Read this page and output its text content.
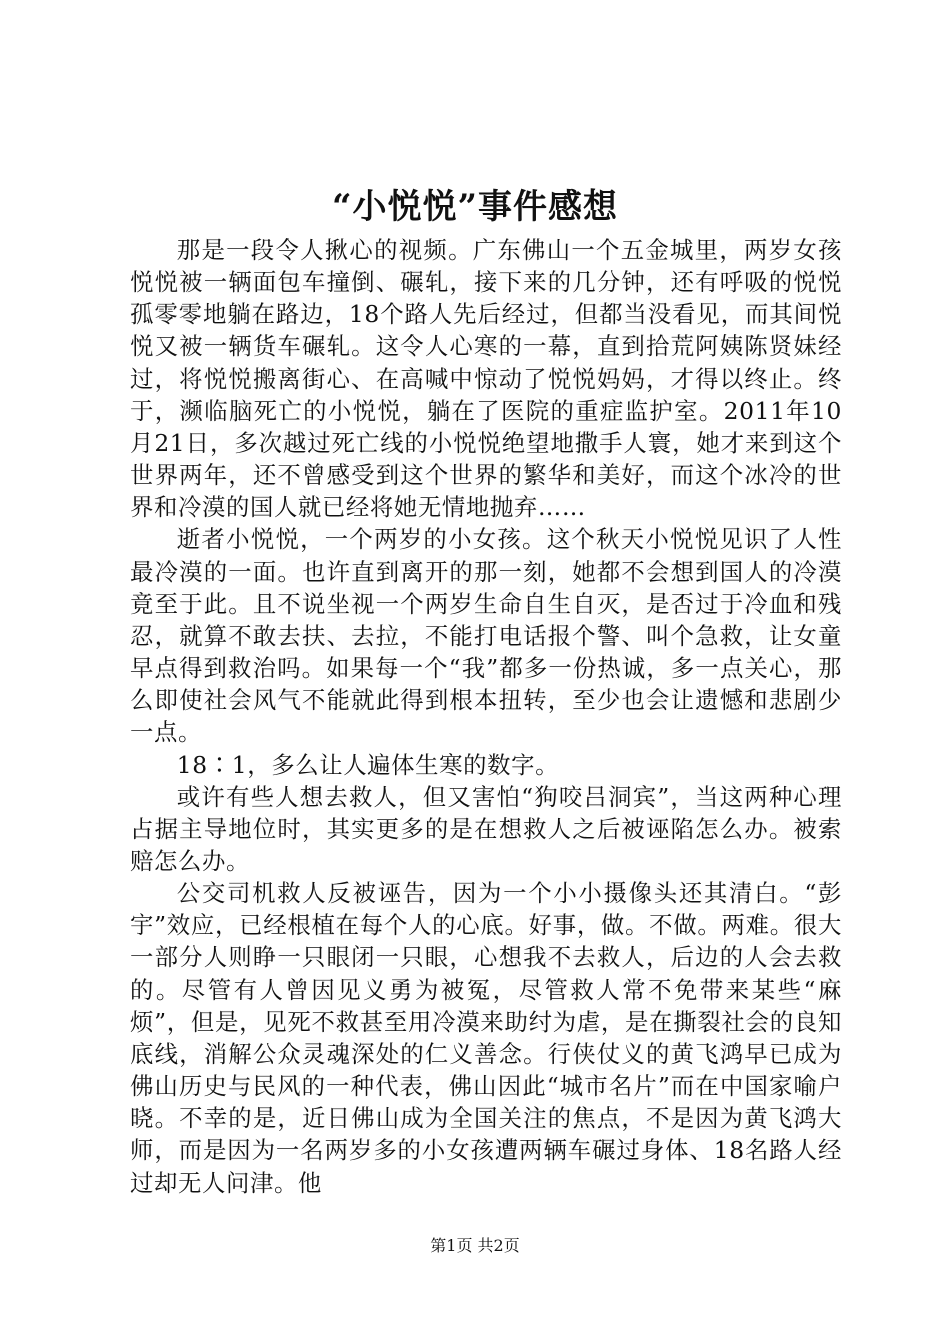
“小悦悦”事件感想

那是一段令人揪心的视频。广东佛山一个五金城里，两岁女孩悦悦被一辆面包车撞倒、碾轧，接下来的几分钟，还有呼吸的悦悦孤零零地躺在路边，18个路人先后经过，但都当没看见，而其间悦悦又被一辆货车碾轧。这令人心寒的一幕，直到拾荒阿姨陈贤妹经过，将悦悦搬离街心、在高喊中惊动了悦悦妈妈，才得以终止。终于，濒临脑死亡的小悦悦，躺在了医院的重症监护室。2011年10月21日，多次越过死亡线的小悦悦绝望地撒手人寰，她才来到这个世界两年，还不曾感受到这个世界的繁华和美好，而这个冰冷的世界和冷漠的国人就已经将她无情地抛弃……

逝者小悦悦，一个两岁的小女孩。这个秋天小悦悦见识了人性最冷漠的一面。也许直到离开的那一刻，她都不会想到国人的冷漠竟至于此。且不说坐视一个两岁生命自生自灭，是否过于冷血和残忍，就算不敢去扶、去拉，不能打电话报个警、叫个急救，让女童早点得到救治吗。如果每一个“我”都多一份热诚，多一点关心，那么即使社会风气不能就此得到根本扭转，至少也会让遗憾和悲剧少一点。

18∶1，多么让人遍体生寒的数字。

或许有些人想去救人，但又害怕“狗咬吕洞宾”，当这两种心理占据主导地位时，其实更多的是在想救人之后被诬陷怎么办。被索赔怎么办。

公交司机救人反被诬告，因为一个小小摄像头还其清白。“彭宇”效应，已经根植在每个人的心底。好事，做。不做。两难。很大一部分人则睁一只眼闭一只眼，心想我不去救人，后边的人会去救的。尽管有人曾因见义勇为被冤，尽管救人常不免带来某些“麻烦”，但是，见死不救甚至用冷漠来助纣为虐，是在撕裂社会的良知底线，消解公众灵魂深处的仁义善念。行侠仗义的黄飞鸿早已成为佛山历史与民风的一种代表，佛山因此“城市名片”而在中国家喻户晓。不幸的是，近日佛山成为全国关注的焦点，不是因为黄飞鸿大师，而是因为一名两岁多的小女孩遭两辆车碾过身体、18名路人经过却无人问津。他

第1页 共2页
